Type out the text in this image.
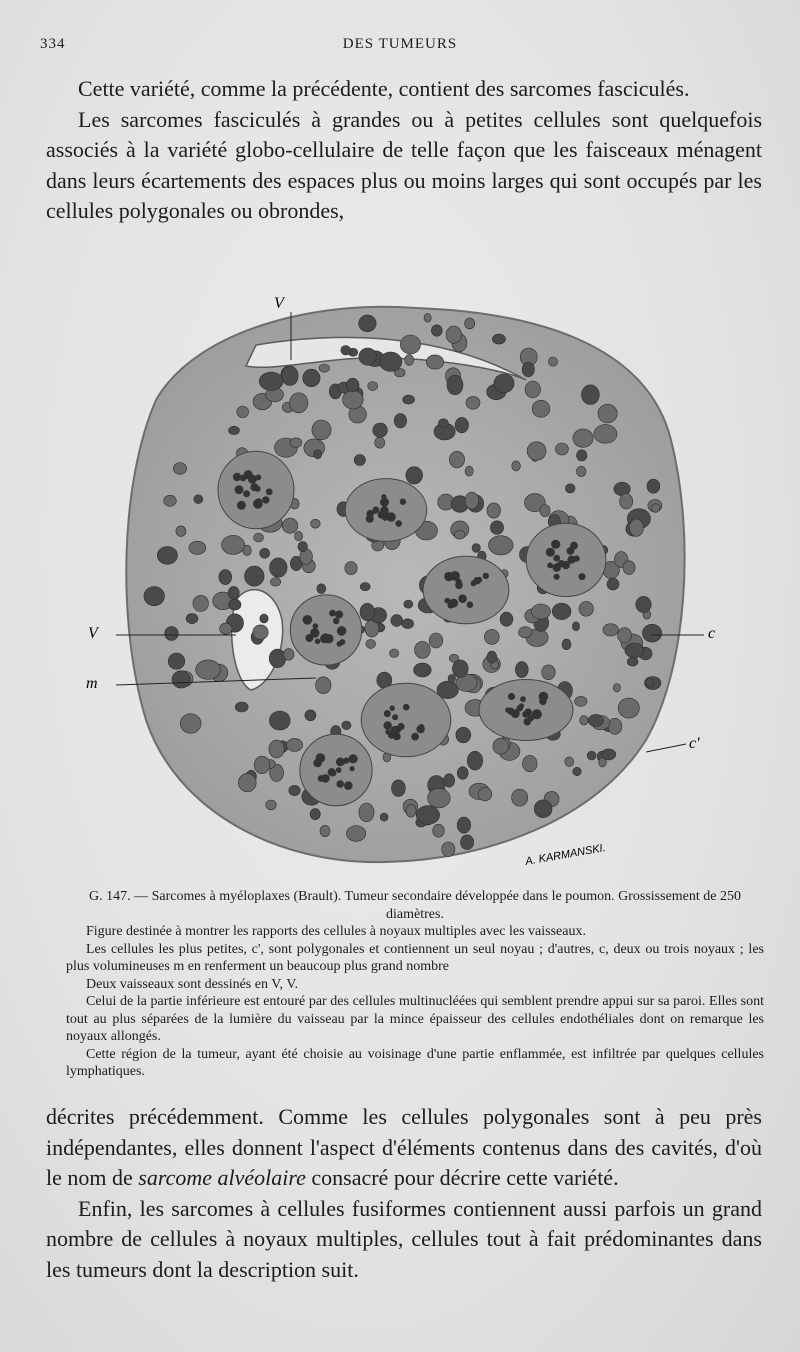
334	DES TUMEURS

Cette variété, comme la précédente, contient des sarcomes fasciculés.

Les sarcomes fasciculés à grandes ou à petites cellules sont quelquefois associés à la variété globo-cellulaire de telle façon que les faisceaux ménagent dans leurs écartements des espaces plus ou moins larges qui sont occupés par les cellules polygonales ou obrondes,

V
V
m
c
c'
A. KARMANSKI.

G. 147. — Sarcomes à myéloplaxes (Brault). Tumeur secondaire développée dans le poumon. Grossissement de 250 diamètres.

Figure destinée à montrer les rapports des cellules à noyaux multiples avec les vaisseaux.

Les cellules les plus petites, c', sont polygonales et contiennent un seul noyau ; d'autres, c, deux ou trois noyaux ; les plus volumineuses m en renferment un beaucoup plus grand nombre

Deux vaisseaux sont dessinés en V, V.

Celui de la partie inférieure est entouré par des cellules multinucléées qui semblent prendre appui sur sa paroi. Elles sont tout au plus séparées de la lumière du vaisseau par la mince épaisseur des cellules endothéliales dont on remarque les noyaux allongés.

Cette région de la tumeur, ayant été choisie au voisinage d'une partie enflammée, est infiltrée par quelques cellules lymphatiques.

décrites précédemment. Comme les cellules polygonales sont à peu près indépendantes, elles donnent l'aspect d'éléments contenus dans des cavités, d'où le nom de sarcome alvéolaire consacré pour décrire cette variété.

Enfin, les sarcomes à cellules fusiformes contiennent aussi parfois un grand nombre de cellules à noyaux multiples, cellules tout à fait prédominantes dans les tumeurs dont la description suit.
